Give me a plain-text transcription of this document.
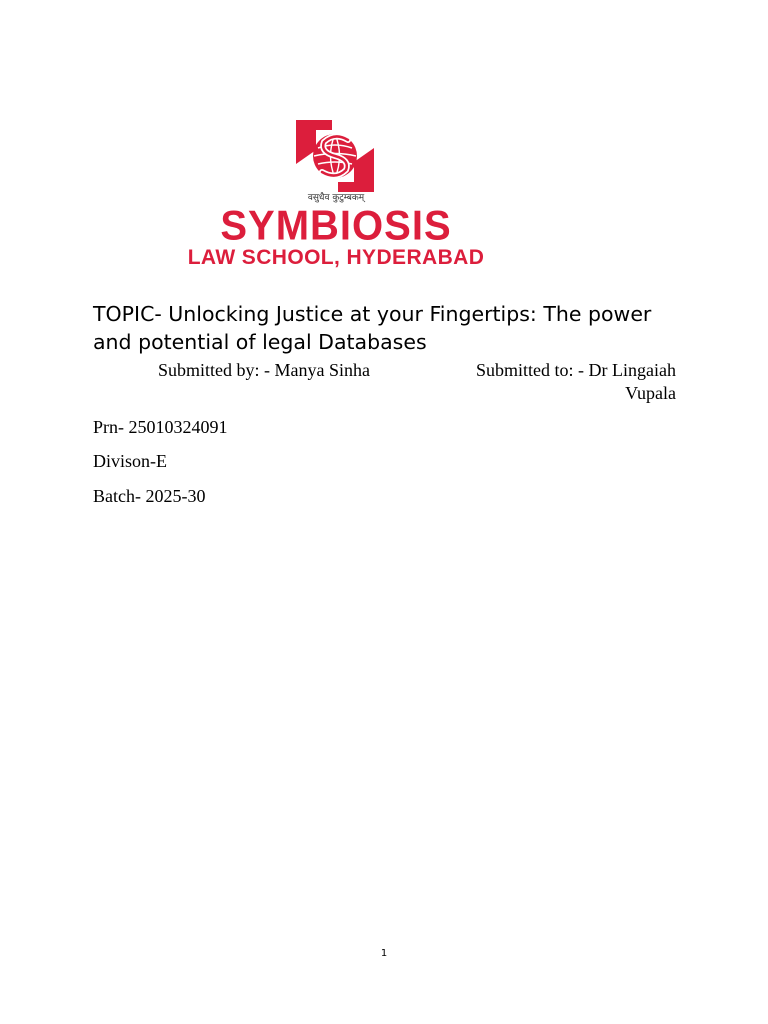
वसुधैव कुटुम्बकम्
SYMBIOSIS
LAW SCHOOL, HYDERABAD
TOPIC- Unlocking Justice at your Fingertips: The power and potential of legal Databases
Submitted by: - Manya Sinha	Submitted to: - Dr Lingaiah Vupala
Prn- 25010324091
Divison-E
Batch- 2025-30
1
